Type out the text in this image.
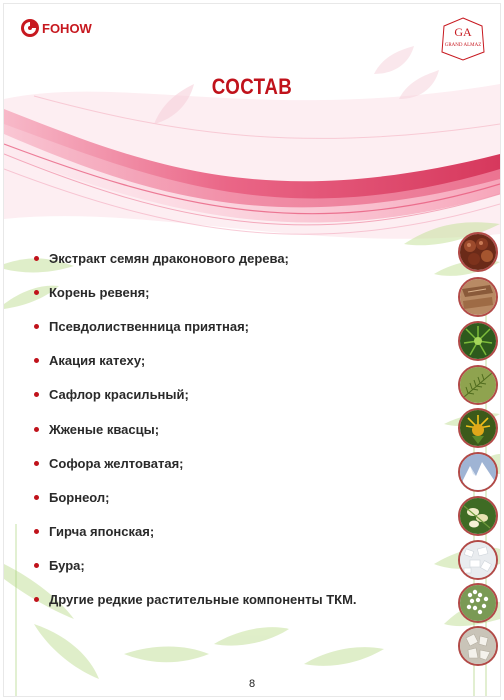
FOHOW	GA
GRAND ALMAZ
СОСТАВ
Экстракт семян драконового дерева;
Корень ревеня;
Псевдолиственница приятная;
Акация катеху;
Сафлор красильный;
Жженые квасцы;
Софора желтоватая;
Борнеол;
Гирча японская;
Бура;
Другие редкие растительные компоненты ТКМ.
8
